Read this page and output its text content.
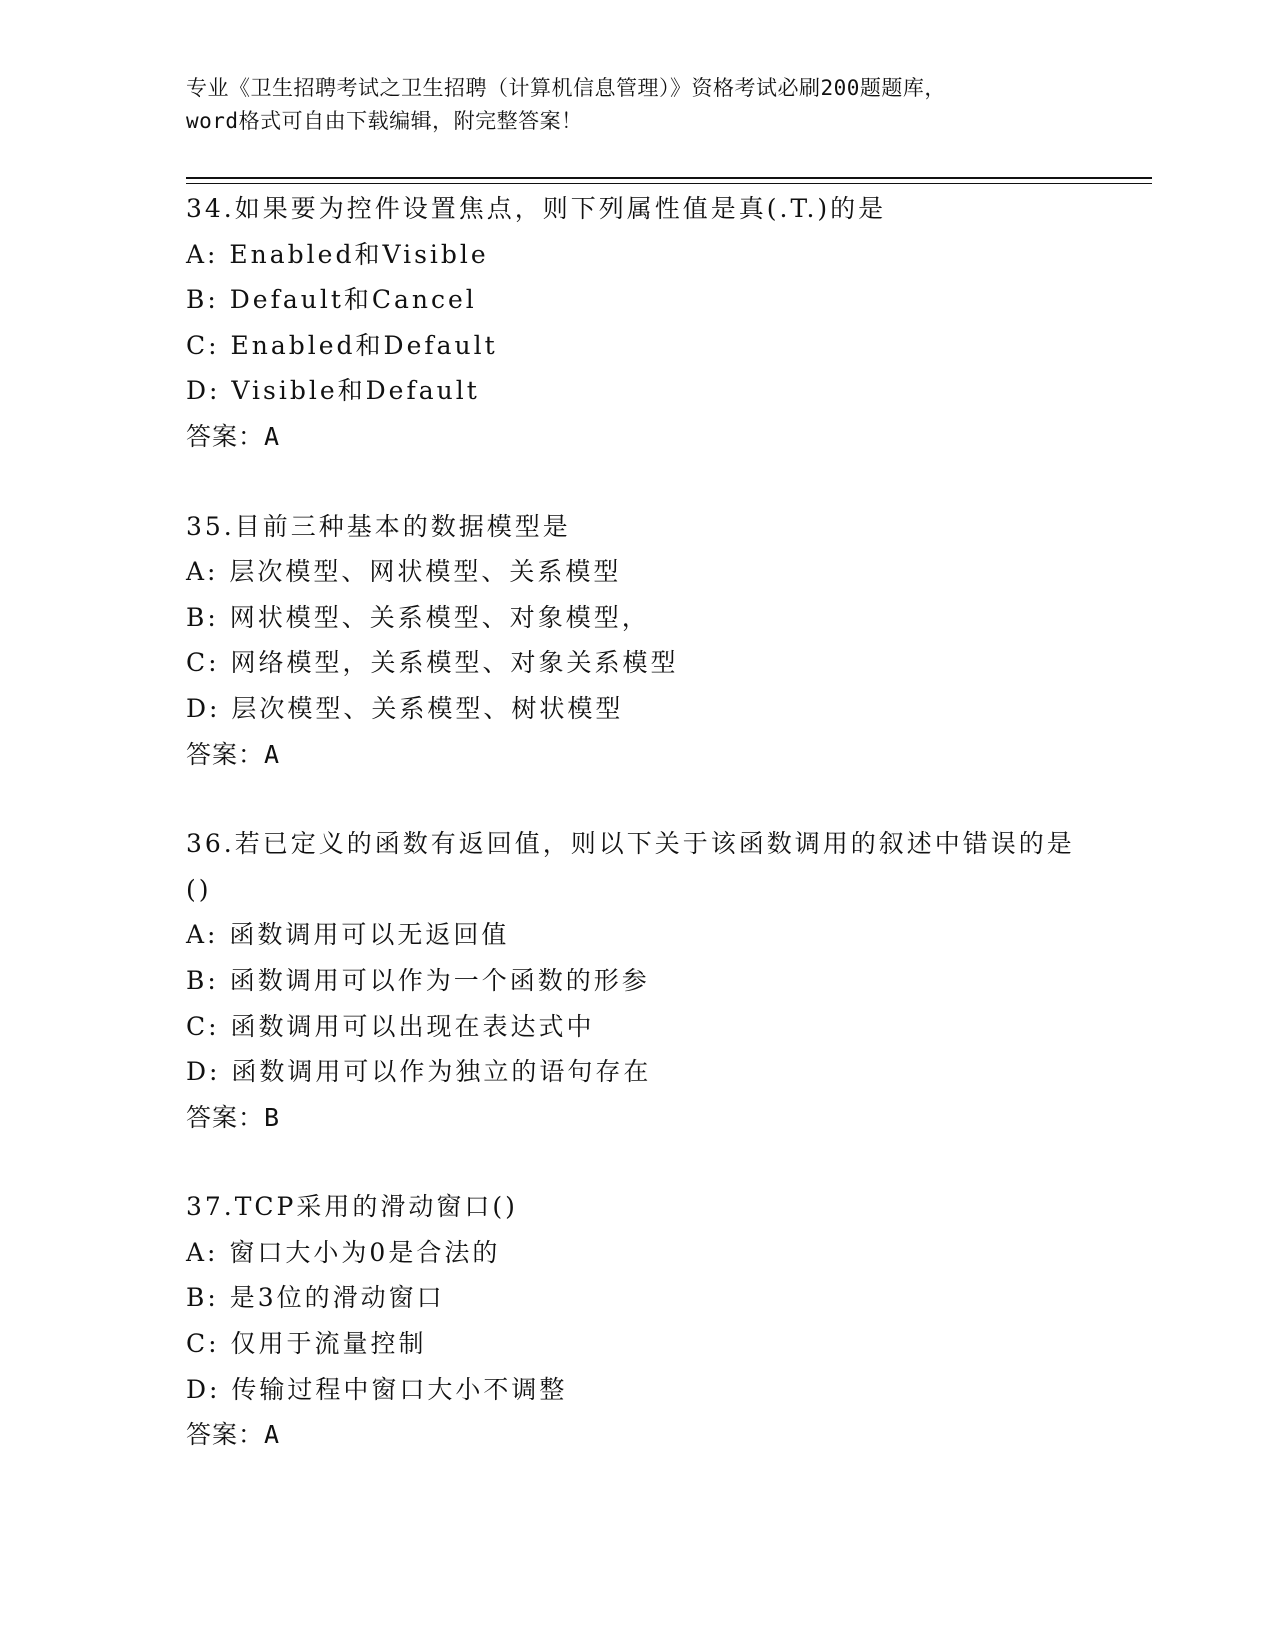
专业《卫生招聘考试之卫生招聘（计算机信息管理）》资格考试必刷200题题库，
word格式可自由下载编辑，附完整答案！
34.如果要为控件设置焦点，则下列属性值是真(.T.)的是
A: Enabled和Visible
B: Default和Cancel
C: Enabled和Default
D: Visible和Default
答案：A
35.目前三种基本的数据模型是
A: 层次模型、网状模型、关系模型
B: 网状模型、关系模型、对象模型，
C: 网络模型，关系模型、对象关系模型
D: 层次模型、关系模型、树状模型
答案：A
36.若已定义的函数有返回值，则以下关于该函数调用的叙述中错误的是()
A: 函数调用可以无返回值
B: 函数调用可以作为一个函数的形参
C: 函数调用可以出现在表达式中
D: 函数调用可以作为独立的语句存在
答案：B
37.TCP采用的滑动窗口()
A: 窗口大小为0是合法的
B: 是3位的滑动窗口
C: 仅用于流量控制
D: 传输过程中窗口大小不调整
答案：A
